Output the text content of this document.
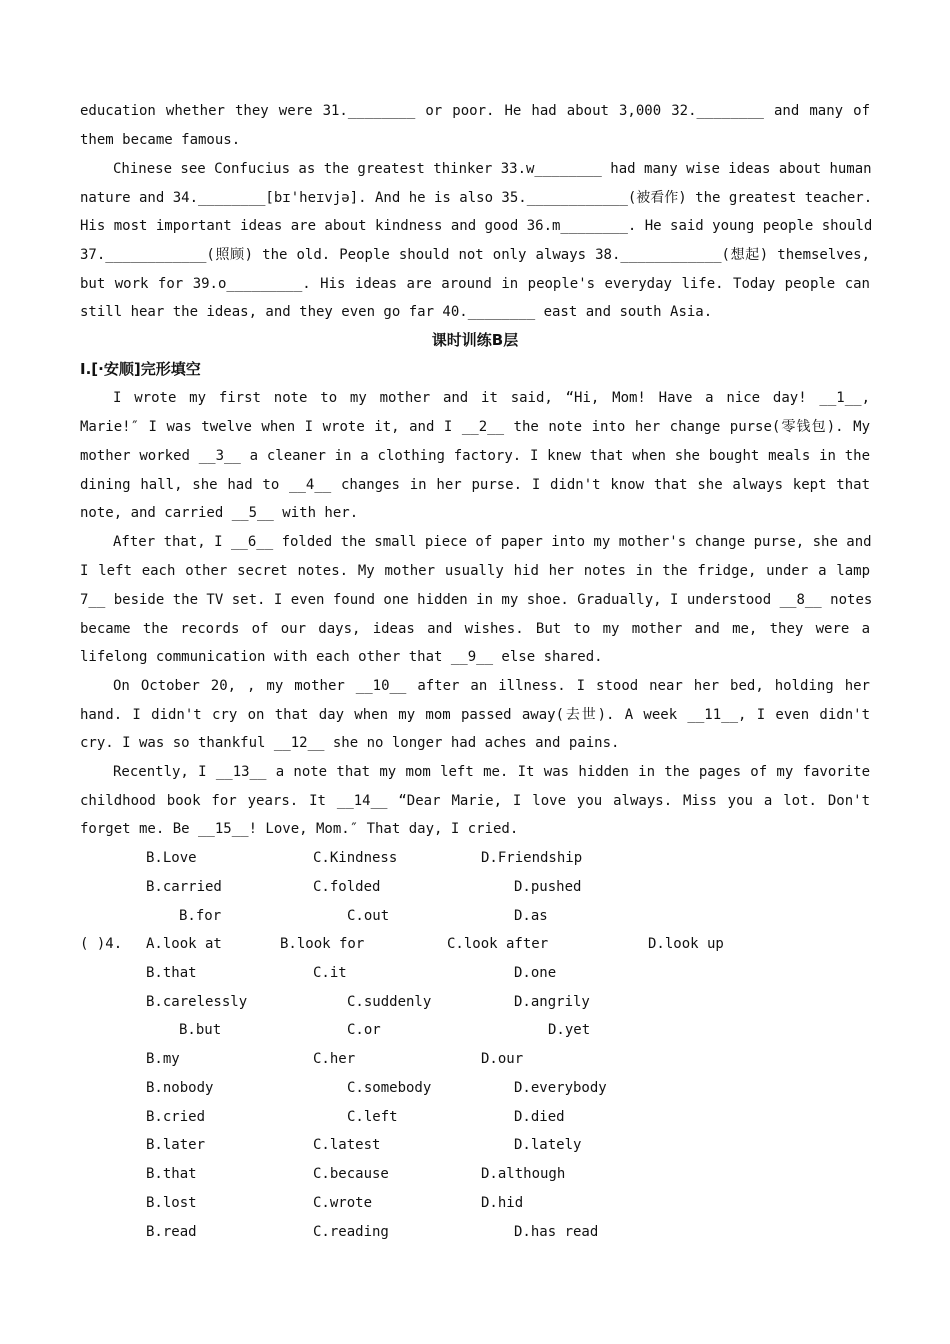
education whether they were 31.________ or poor. He had about 3,000 32.________ and many of
them became famous.
Chinese see Confucius as the greatest thinker 33.w________ had many wise ideas about human
nature and 34.________[bɪ'heɪvjə]. And he is also 35.____________(被看作) the greatest teacher.
His most important ideas are about kindness and good 36.m________. He said young people should
37.____________(照顾) the old. People should not only always 38.____________(想起) themselves,
but work for 39.o_________. His ideas are around in people's everyday life. Today people can
still hear the ideas, and they even go far 40.________ east and south Asia.
课时训练B层
Ⅰ.[·安顺]完形填空
I wrote my first note to my mother and it said, “Hi, Mom! Have a nice day! __1__,
Marie!″ I was twelve when I wrote it, and I __2__ the note into her change purse(零钱包). My
mother worked __3__ a cleaner in a clothing factory. I knew that when she bought meals in the
dining hall, she had to __4__ changes in her purse. I didn't know that she always kept that
note, and carried __5__ with her.
After that, I __6__ folded the small piece of paper into my mother's change purse, she and
I left each other secret notes. My mother usually hid her notes in the fridge, under a lamp
7__ beside the TV set. I even found one hidden in my shoe. Gradually, I understood __8__ notes
became the records of our days, ideas and wishes. But to my mother and me, they were a
lifelong communication with each other that __9__ else shared.
On October 20, , my mother __10__ after an illness. I stood near her bed, holding her
hand. I didn't cry on that day when my mom passed away(去世). A week __11__, I even didn't
cry. I was so thankful __12__ she no longer had aches and pains.
Recently, I __13__ a note that my mom left me. It was hidden in the pages of my favorite
childhood book for years. It __14__ “Dear Marie, I love you always. Miss you a lot. Don't
forget me. Be __15__! Love, Mom.″ That day, I cried.
B.Love	C.Kindness	D.Friendship
B.carried	C.folded	D.pushed
B.for	C.out	D.as
( )4. A.look at	B.look for	C.look after	D.look up
B.that	C.it	D.one
B.carelessly	C.suddenly	D.angrily
B.but	C.or	D.yet
B.my	C.her	D.our
B.nobody	C.somebody	D.everybody
B.cried	C.left	D.died
B.later	C.latest	D.lately
B.that	C.because	D.although
B.lost	C.wrote	D.hid
B.read	C.reading	D.has read
